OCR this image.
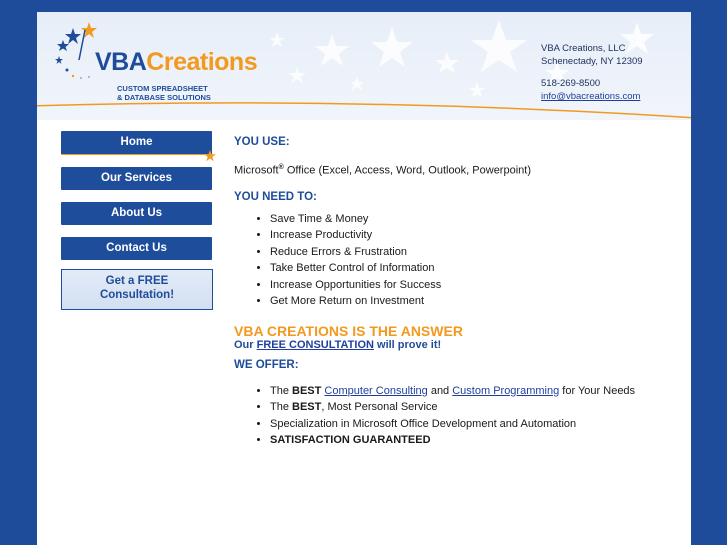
VBACreations
CUSTOM SPREADSHEET
& DATABASE SOLUTIONS
VBA Creations, LLC
Schenectady, NY 12309
518-269-8500
info@vbacreations.com
Home
Our Services
About Us
Contact Us
Get a FREE
Consultation!
YOU USE:

Microsoft® Office (Excel, Access, Word, Outlook, Powerpoint)

YOU NEED TO:
• Save Time & Money
• Increase Productivity
• Reduce Errors & Frustration
• Take Better Control of Information
• Increase Opportunities for Success
• Get More Return on Investment
VBA CREATIONS IS THE ANSWER
Our FREE CONSULTATION will prove it!
WE OFFER:
• The BEST Computer Consulting and Custom Programming for Your Needs
• The BEST, Most Personal Service
• Specialization in Microsoft Office Development and Automation
• SATISFACTION GUARANTEED
